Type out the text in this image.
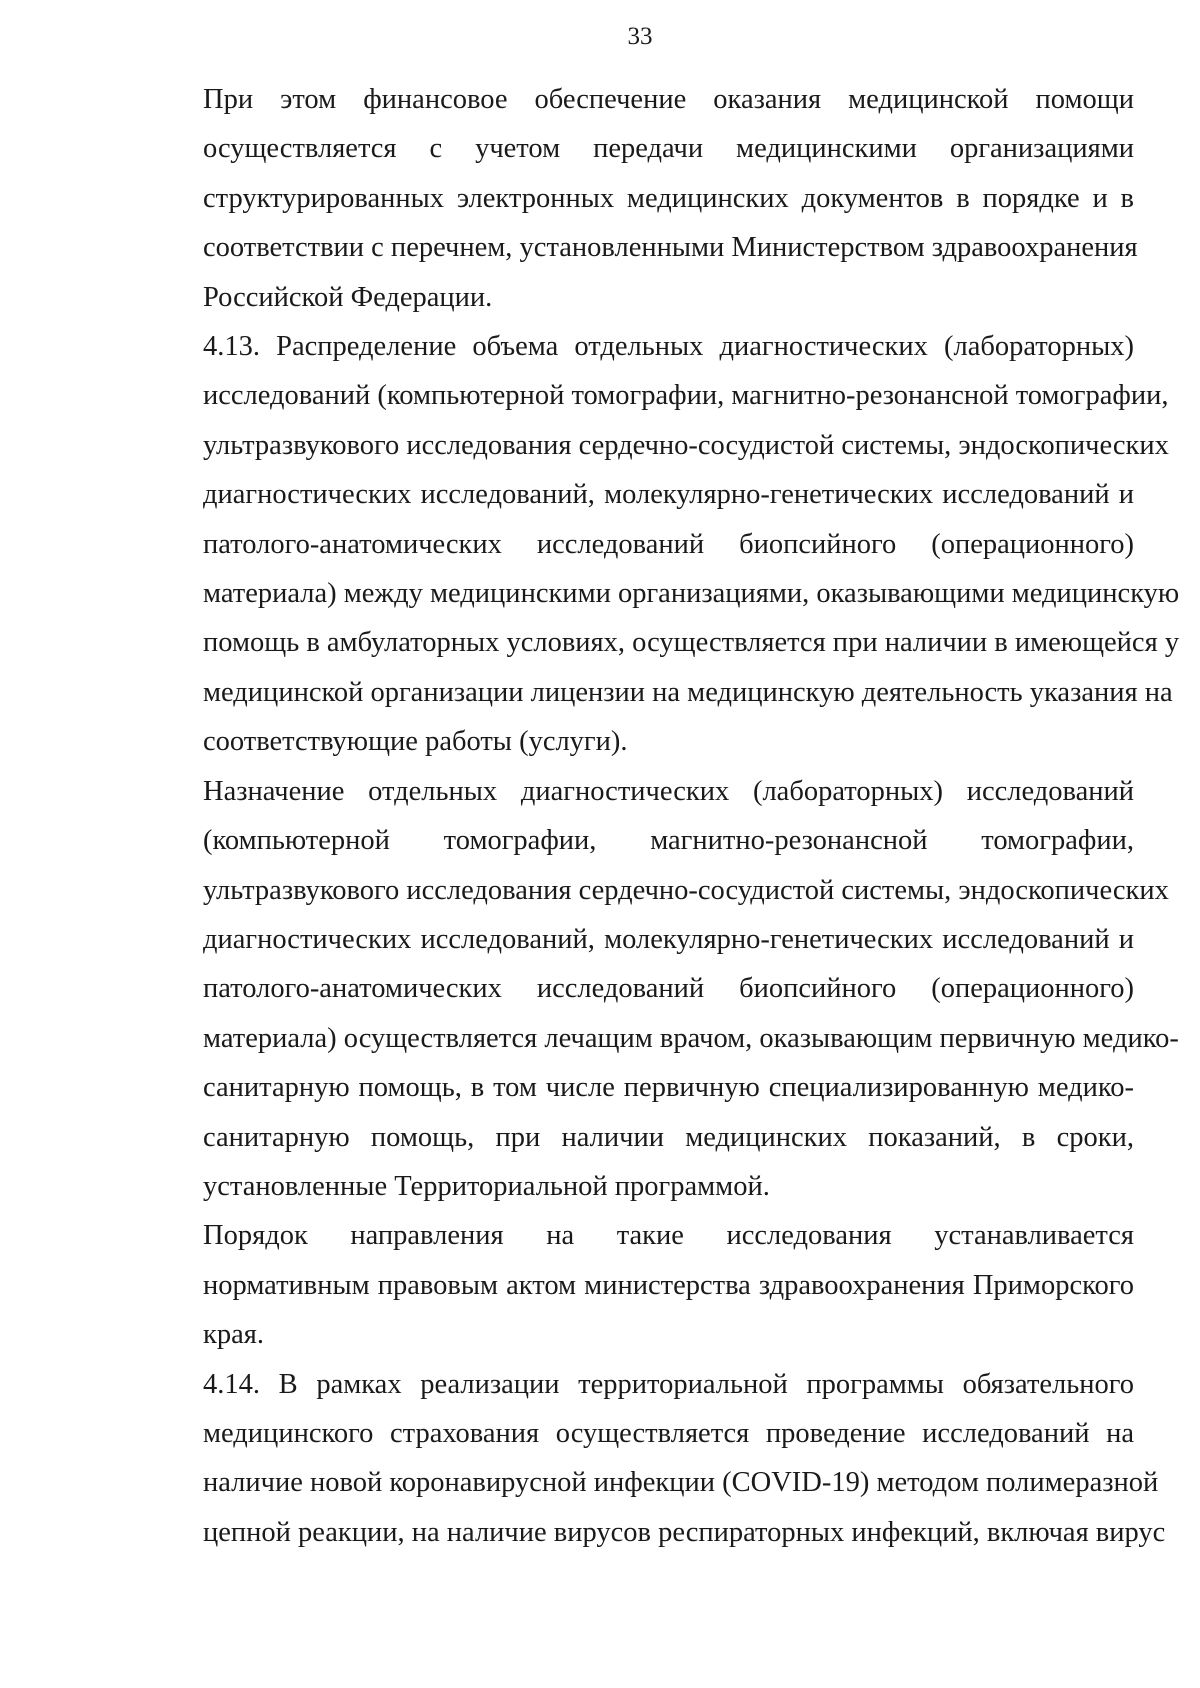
33
При этом финансовое обеспечение оказания медицинской помощи
осуществляется с учетом передачи медицинскими организациями
структурированных электронных медицинских документов в порядке и в
соответствии с перечнем, установленными Министерством здравоохранения
Российской Федерации.
4.13. Распределение объема отдельных диагностических (лабораторных)
исследований (компьютерной томографии, магнитно-резонансной томографии,
ультразвукового исследования сердечно-сосудистой системы, эндоскопических
диагностических исследований, молекулярно-генетических исследований и
патолого-анатомических исследований биопсийного (операционного)
материала) между медицинскими организациями, оказывающими медицинскую
помощь в амбулаторных условиях, осуществляется при наличии в имеющейся у
медицинской организации лицензии на медицинскую деятельность указания на
соответствующие работы (услуги).
Назначение отдельных диагностических (лабораторных) исследований
(компьютерной томографии, магнитно-резонансной томографии,
ультразвукового исследования сердечно-сосудистой системы, эндоскопических
диагностических исследований, молекулярно-генетических исследований и
патолого-анатомических исследований биопсийного (операционного)
материала) осуществляется лечащим врачом, оказывающим первичную медико-
санитарную помощь, в том числе первичную специализированную медико-
санитарную помощь, при наличии медицинских показаний, в сроки,
установленные Территориальной программой.
Порядок направления на такие исследования устанавливается
нормативным правовым актом министерства здравоохранения Приморского
края.
4.14. В рамках реализации территориальной программы обязательного
медицинского страхования осуществляется проведение исследований на
наличие новой коронавирусной инфекции (COVID-19) методом полимеразной
цепной реакции, на наличие вирусов респираторных инфекций, включая вирус
